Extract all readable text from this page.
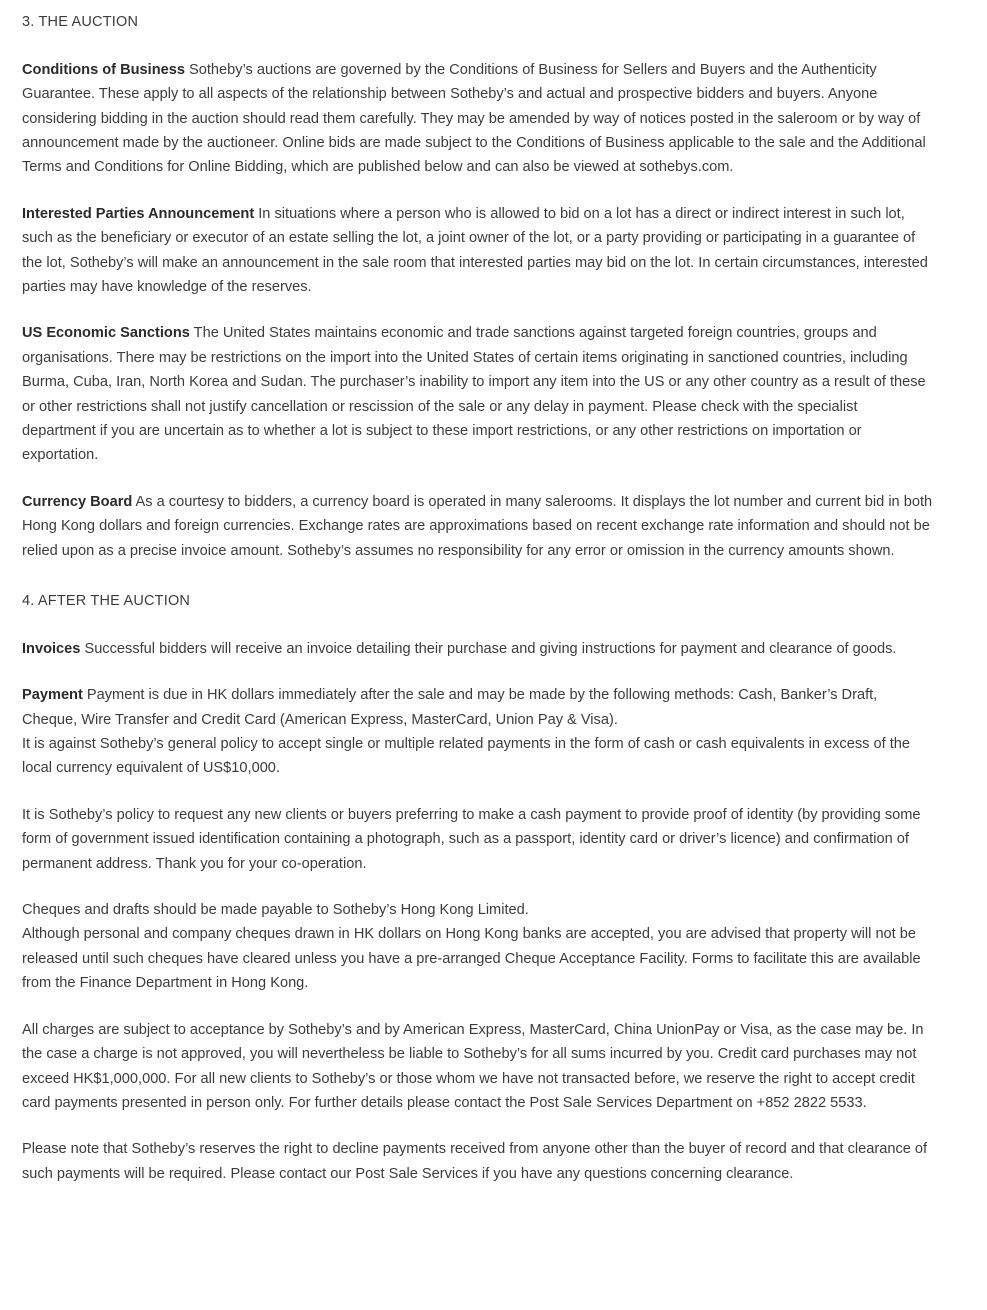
3. THE AUCTION

Conditions of Business Sotheby’s auctions are governed by the Conditions of Business for Sellers and Buyers and the Authenticity Guarantee. These apply to all aspects of the relationship between Sotheby’s and actual and prospective bidders and buyers. Anyone considering bidding in the auction should read them carefully. They may be amended by way of notices posted in the saleroom or by way of announcement made by the auctioneer. Online bids are made subject to the Conditions of Business applicable to the sale and the Additional Terms and Conditions for Online Bidding, which are published below and can also be viewed at sothebys.com.

Interested Parties Announcement In situations where a person who is allowed to bid on a lot has a direct or indirect interest in such lot, such as the beneficiary or executor of an estate selling the lot, a joint owner of the lot, or a party providing or participating in a guarantee of the lot, Sotheby’s will make an announcement in the sale room that interested parties may bid on the lot. In certain circumstances, interested parties may have knowledge of the reserves.

US Economic Sanctions The United States maintains economic and trade sanctions against targeted foreign countries, groups and organisations. There may be restrictions on the import into the United States of certain items originating in sanctioned countries, including Burma, Cuba, Iran, North Korea and Sudan. The purchaser’s inability to import any item into the US or any other country as a result of these or other restrictions shall not justify cancellation or rescission of the sale or any delay in payment. Please check with the specialist department if you are uncertain as to whether a lot is subject to these import restrictions, or any other restrictions on importation or exportation.

Currency Board As a courtesy to bidders, a currency board is operated in many salerooms. It displays the lot number and current bid in both Hong Kong dollars and foreign currencies. Exchange rates are approximations based on recent exchange rate information and should not be relied upon as a precise invoice amount. Sotheby’s assumes no responsibility for any error or omission in the currency amounts shown.

4. AFTER THE AUCTION

Invoices Successful bidders will receive an invoice detailing their purchase and giving instructions for payment and clearance of goods.

Payment Payment is due in HK dollars immediately after the sale and may be made by the following methods: Cash, Banker’s Draft, Cheque, Wire Transfer and Credit Card (American Express, MasterCard, Union Pay & Visa).

It is against Sotheby’s general policy to accept single or multiple related payments in the form of cash or cash equivalents in excess of the local currency equivalent of US$10,000.

It is Sotheby’s policy to request any new clients or buyers preferring to make a cash payment to provide proof of identity (by providing some form of government issued identification containing a photograph, such as a passport, identity card or driver’s licence) and confirmation of permanent address. Thank you for your co-operation.

Cheques and drafts should be made payable to Sotheby’s Hong Kong Limited.

Although personal and company cheques drawn in HK dollars on Hong Kong banks are accepted, you are advised that property will not be released until such cheques have cleared unless you have a pre-arranged Cheque Acceptance Facility. Forms to facilitate this are available from the Finance Department in Hong Kong.

All charges are subject to acceptance by Sotheby’s and by American Express, MasterCard, China UnionPay or Visa, as the case may be. In the case a charge is not approved, you will nevertheless be liable to Sotheby’s for all sums incurred by you. Credit card purchases may not exceed HK$1,000,000. For all new clients to Sotheby’s or those whom we have not transacted before, we reserve the right to accept credit card payments presented in person only. For further details please contact the Post Sale Services Department on +852 2822 5533.

Please note that Sotheby’s reserves the right to decline payments received from anyone other than the buyer of record and that clearance of such payments will be required. Please contact our Post Sale Services if you have any questions concerning clearance.
